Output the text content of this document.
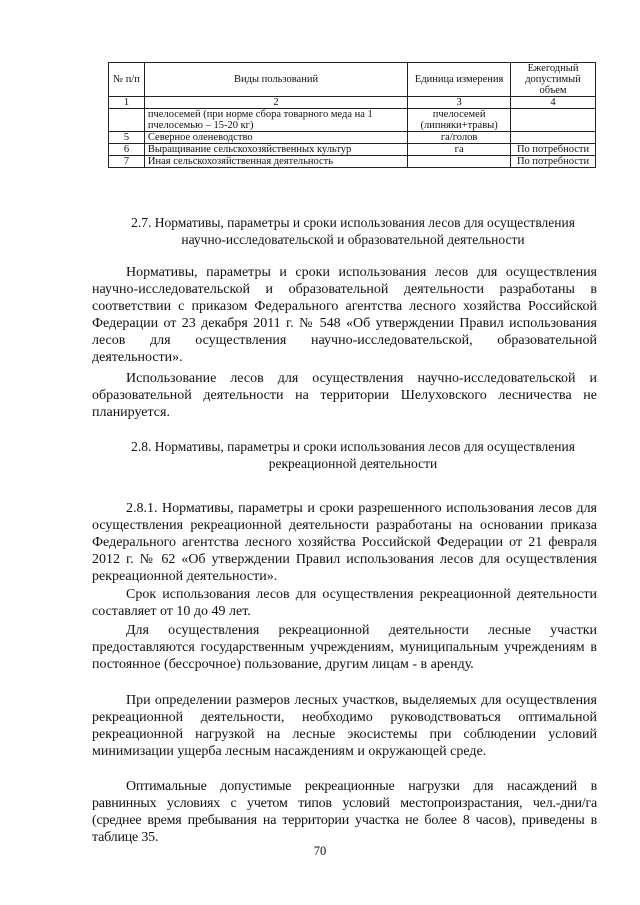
№ п/п	Виды пользований	Единица измерения	Ежегодный допустимый объем
1	2	3	4
	пчелосемей (при норме сбора товарного меда на 1 пчелосемью – 15-20 кг)	пчелосемей (липняки+травы)	
5	Северное оленеводство	га/голов	
6	Выращивание сельскохозяйственных культур	га	По потребности
7	Иная сельскохозяйственная деятельность		По потребности
2.7. Нормативы, параметры и сроки использования лесов для осуществления научно-исследовательской и образовательной деятельности

Нормативы, параметры и сроки использования лесов для осуществления научно-исследовательской и образовательной деятельности разработаны в соответствии с приказом Федерального агентства лесного хозяйства Российской Федерации от 23 декабря 2011 г. № 548 «Об утверждении Правил использования лесов для осуществления научно-исследовательской, образовательной деятельности».

Использование лесов для осуществления научно-исследовательской и образовательной деятельности на территории Шелуховского лесничества не планируется.

2.8. Нормативы, параметры и сроки использования лесов для осуществления рекреационной деятельности

2.8.1. Нормативы, параметры и сроки разрешенного использования лесов для осуществления рекреационной деятельности разработаны на основании приказа Федерального агентства лесного хозяйства Российской Федерации от 21 февраля 2012 г. № 62 «Об утверждении Правил использования лесов для осуществления рекреационной деятельности».

Срок использования лесов для осуществления рекреационной деятельности составляет от 10 до 49 лет.

Для осуществления рекреационной деятельности лесные участки предоставляются государственным учреждениям, муниципальным учреждениям в постоянное (бессрочное) пользование, другим лицам - в аренду.

При определении размеров лесных участков, выделяемых для осуществления рекреационной деятельности, необходимо руководствоваться оптимальной рекреационной нагрузкой на лесные экосистемы при соблюдении условий минимизации ущерба лесным насаждениям и окружающей среде.

Оптимальные допустимые рекреационные нагрузки для насаждений в равнинных условиях с учетом типов условий местопроизрастания, чел.-дни/га (среднее время пребывания на территории участка не более 8 часов), приведены в таблице 35.

70
